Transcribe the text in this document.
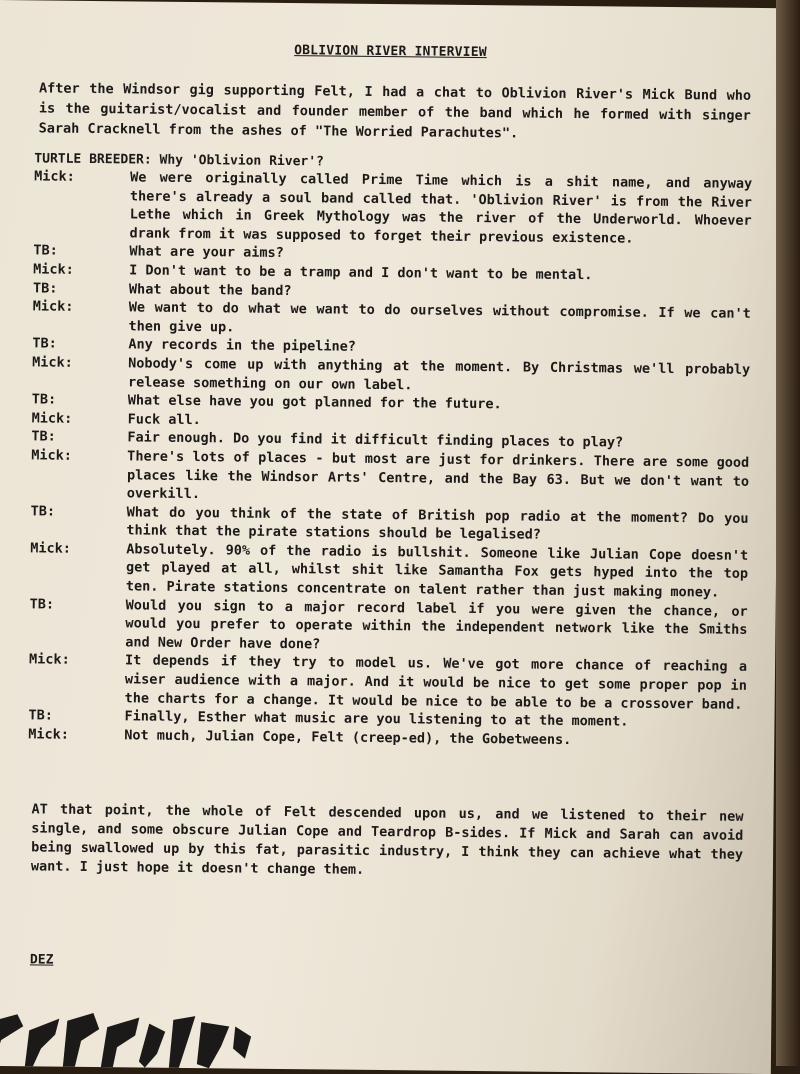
OBLIVION RIVER INTERVIEW
After the Windsor gig supporting Felt, I had a chat to Oblivion River's Mick Bund who is the guitarist/vocalist and founder member of the band which he formed with singer Sarah Cracknell from the ashes of "The Worried Parachutes".
TURTLE BREEDER: Why 'Oblivion River'?
Mick:	We were originally called Prime Time which is a shit name, and anyway there's already a soul band called that. 'Oblivion River' is from the River Lethe which in Greek Mythology was the river of the Underworld. Whoever drank from it was supposed to forget their previous existence.
TB:	What are your aims?
Mick:	I Don't want to be a tramp and I don't want to be mental.
TB:	What about the band?
Mick:	We want to do what we want to do ourselves without compromise. If we can't then give up.
TB:	Any records in the pipeline?
Mick:	Nobody's come up with anything at the moment. By Christmas we'll probably release something on our own label.
TB:	What else have you got planned for the future.
Mick:	Fuck all.
TB:	Fair enough. Do you find it difficult finding places to play?
Mick:	There's lots of places - but most are just for drinkers. There are some good places like the Windsor Arts' Centre, and the Bay 63. But we don't want to overkill.
TB:	What do you think of the state of British pop radio at the moment? Do you think that the pirate stations should be legalised?
Mick:	Absolutely. 90% of the radio is bullshit. Someone like Julian Cope doesn't get played at all, whilst shit like Samantha Fox gets hyped into the top ten. Pirate stations concentrate on talent rather than just making money.
TB:	Would you sign to a major record label if you were given the chance, or would you prefer to operate within the independent network like the Smiths and New Order have done?
Mick:	It depends if they try to model us. We've got more chance of reaching a wiser audience with a major. And it would be nice to get some proper pop in the charts for a change. It would be nice to be able to be a crossover band.
TB:	Finally, Esther what music are you listening to at the moment.
Mick:	Not much, Julian Cope, Felt (creep-ed), the Gobetweens.
AT that point, the whole of Felt descended upon us, and we listened to their new single, and some obscure Julian Cope and Teardrop B-sides. If Mick and Sarah can avoid being swallowed up by this fat, parasitic industry, I think they can achieve what they want. I just hope it doesn't change them.
DEZ
